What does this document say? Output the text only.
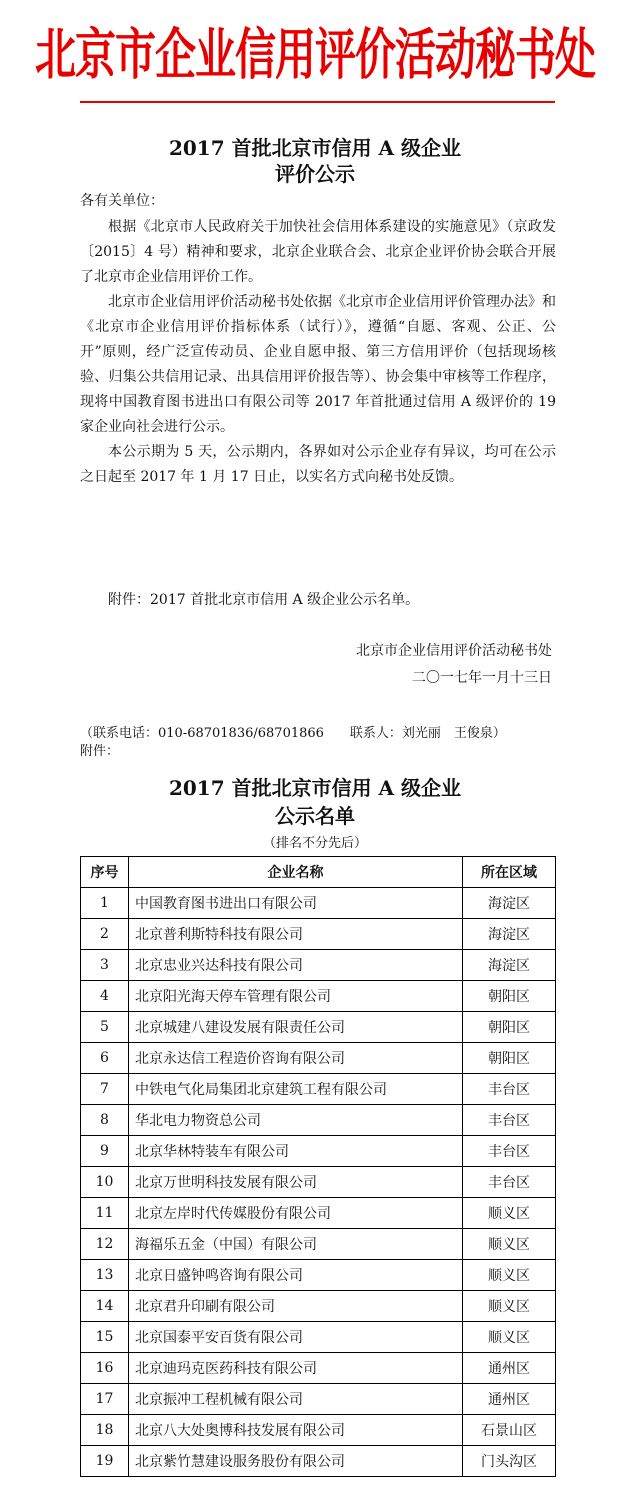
北京市企业信用评价活动秘书处
2017 首批北京市信用 A 级企业
评价公示
各有关单位：

根据《北京市人民政府关于加快社会信用体系建设的实施意见》（京政发〔2015〕4 号）精神和要求，北京企业联合会、北京企业评价协会联合开展了北京市企业信用评价工作。

北京市企业信用评价活动秘书处依据《北京市企业信用评价管理办法》和《北京市企业信用评价指标体系（试行）》，遵循“自愿、客观、公正、公开”原则，经广泛宣传动员、企业自愿申报、第三方信用评价（包括现场核验、归集公共信用记录、出具信用评价报告等）、协会集中审核等工作程序，现将中国教育图书进出口有限公司等 2017 年首批通过信用 A 级评价的 19 家企业向社会进行公示。

本公示期为 5 天，公示期内，各界如对公示企业存有异议，均可在公示之日起至 2017 年 1 月 17 日止，以实名方式向秘书处反馈。

附件：2017 首批北京市信用 A 级企业公示名单。

北京市企业信用评价活动秘书处
二〇一七年一月十三日
（联系电话：010-68701836/68701866　　联系人：刘光丽　王俊泉）
附件：
2017 首批北京市信用 A 级企业
公示名单
（排名不分先后）
序号	企业名称	所在区域
1	中国教育图书进出口有限公司	海淀区
2	北京普利斯特科技有限公司	海淀区
3	北京忠业兴达科技有限公司	海淀区
4	北京阳光海天停车管理有限公司	朝阳区
5	北京城建八建设发展有限责任公司	朝阳区
6	北京永达信工程造价咨询有限公司	朝阳区
7	中铁电气化局集团北京建筑工程有限公司	丰台区
8	华北电力物资总公司	丰台区
9	北京华林特装车有限公司	丰台区
10	北京万世明科技发展有限公司	丰台区
11	北京左岸时代传媒股份有限公司	顺义区
12	海福乐五金（中国）有限公司	顺义区
13	北京日盛钟鸣咨询有限公司	顺义区
14	北京君升印刷有限公司	顺义区
15	北京国泰平安百货有限公司	顺义区
16	北京迪玛克医药科技有限公司	通州区
17	北京振冲工程机械有限公司	通州区
18	北京八大处奥博科技发展有限公司	石景山区
19	北京紫竹慧建设服务股份有限公司	门头沟区
